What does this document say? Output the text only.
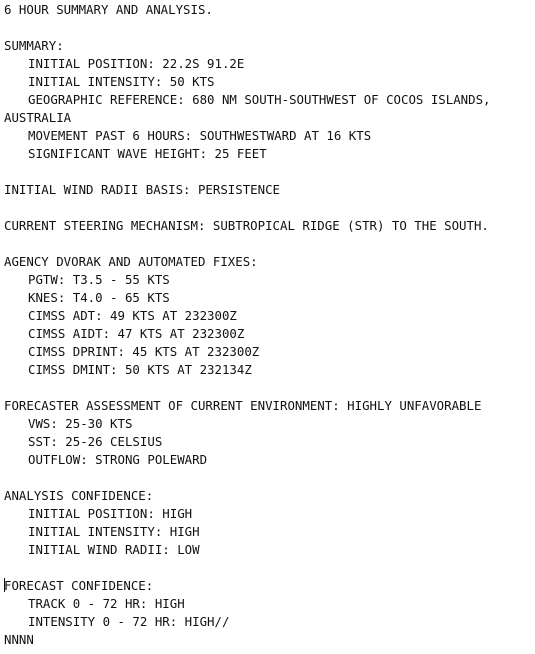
6 HOUR SUMMARY AND ANALYSIS.
SUMMARY:
INITIAL POSITION: 22.2S 91.2E
INITIAL INTENSITY: 50 KTS
GEOGRAPHIC REFERENCE: 680 NM SOUTH-SOUTHWEST OF COCOS ISLANDS,
AUSTRALIA
MOVEMENT PAST 6 HOURS: SOUTHWESTWARD AT 16 KTS
SIGNIFICANT WAVE HEIGHT: 25 FEET
INITIAL WIND RADII BASIS: PERSISTENCE
CURRENT STEERING MECHANISM: SUBTROPICAL RIDGE (STR) TO THE SOUTH.
AGENCY DVORAK AND AUTOMATED FIXES:
PGTW: T3.5 - 55 KTS
KNES: T4.0 - 65 KTS
CIMSS ADT: 49 KTS AT 232300Z
CIMSS AIDT: 47 KTS AT 232300Z
CIMSS DPRINT: 45 KTS AT 232300Z
CIMSS DMINT: 50 KTS AT 232134Z
FORECASTER ASSESSMENT OF CURRENT ENVIRONMENT: HIGHLY UNFAVORABLE
VWS: 25-30 KTS
SST: 25-26 CELSIUS
OUTFLOW: STRONG POLEWARD
ANALYSIS CONFIDENCE:
INITIAL POSITION: HIGH
INITIAL INTENSITY: HIGH
INITIAL WIND RADII: LOW
FORECAST CONFIDENCE:
TRACK 0 - 72 HR: HIGH
INTENSITY 0 - 72 HR: HIGH//
NNNN
